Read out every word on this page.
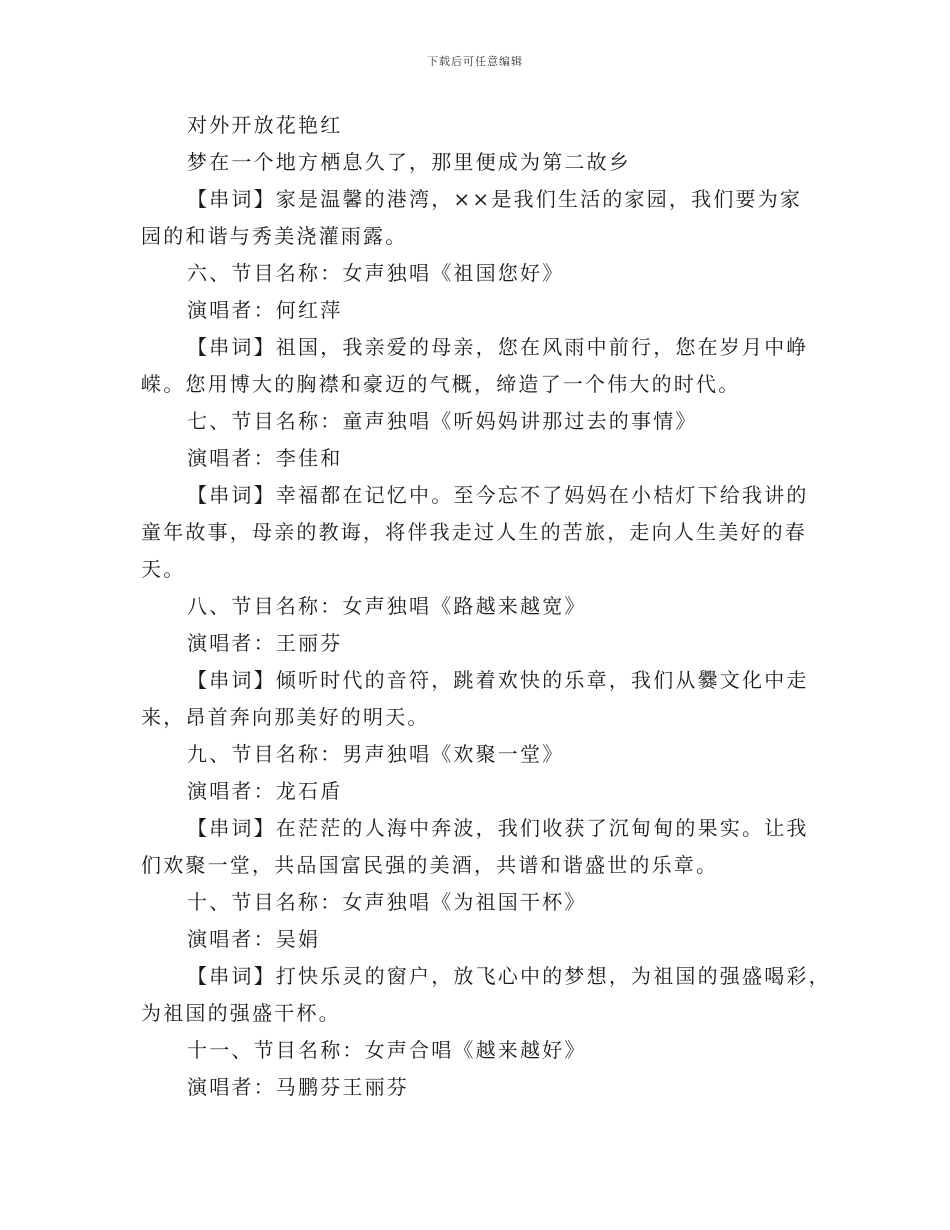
下载后可任意编辑

对外开放花艳红

梦在一个地方栖息久了，那里便成为第二故乡

【串词】家是温馨的港湾，××是我们生活的家园，我们要为家

园的和谐与秀美浇灌雨露。

六、节目名称：女声独唱《祖国您好》

演唱者：何红萍

【串词】祖国，我亲爱的母亲，您在风雨中前行，您在岁月中峥

嵘。您用博大的胸襟和豪迈的气概，缔造了一个伟大的时代。

七、节目名称：童声独唱《听妈妈讲那过去的事情》

演唱者：李佳和

【串词】幸福都在记忆中。至今忘不了妈妈在小桔灯下给我讲的

童年故事，母亲的教诲，将伴我走过人生的苦旅，走向人生美好的春

天。

八、节目名称：女声独唱《路越来越宽》

演唱者：王丽芬

【串词】倾听时代的音符，跳着欢快的乐章，我们从爨文化中走

来，昂首奔向那美好的明天。

九、节目名称：男声独唱《欢聚一堂》

演唱者：龙石盾

【串词】在茫茫的人海中奔波，我们收获了沉甸甸的果实。让我

们欢聚一堂，共品国富民强的美酒，共谱和谐盛世的乐章。

十、节目名称：女声独唱《为祖国干杯》

演唱者：吴娟

【串词】打快乐灵的窗户，放飞心中的梦想，为祖国的强盛喝彩，

为祖国的强盛干杯。

十一、节目名称：女声合唱《越来越好》

演唱者：马鹏芬王丽芬
